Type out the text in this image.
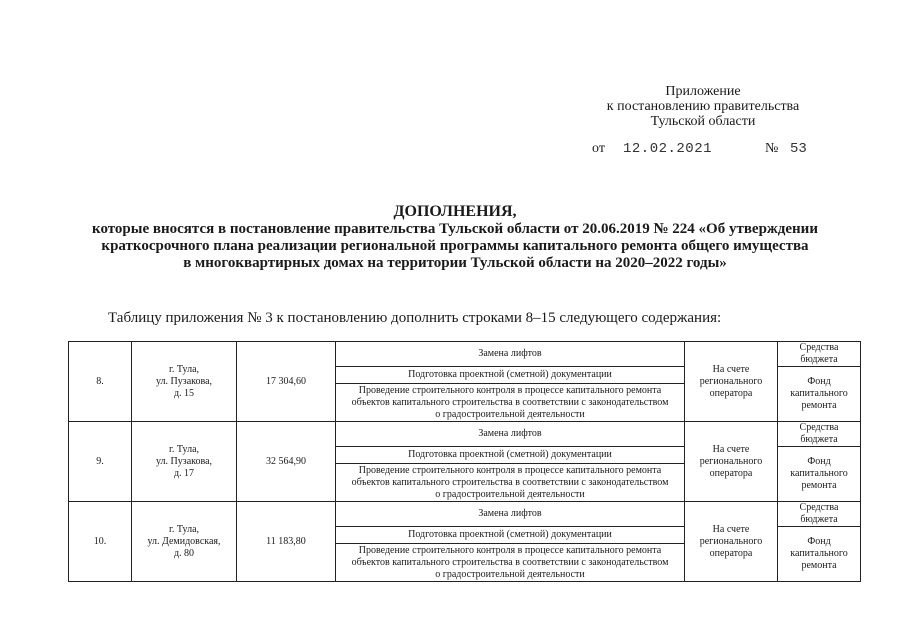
Приложение
к постановлению правительства
Тульской области
от 12.02.2021	№ 53
ДОПОЛНЕНИЯ,
которые вносятся в постановление правительства Тульской области от 20.06.2019 № 224 «Об утверждении
краткосрочного плана реализации региональной программы капитального ремонта общего имущества
в многоквартирных домах на территории Тульской области на 2020–2022 годы»
Таблицу приложения № 3 к постановлению дополнить строками 8–15 следующего содержания:
8.	г. Тула,
ул. Пузакова,
д. 15	17 304,60	Замена лифтов	На счете
регионального
оператора	Средства
бюджета

			Подготовка проектной (сметной) документации		Фонд
капитального
ремонта

			Проведение строительного контроля в процессе капитального ремонта
объектов капитального строительства в соответствии с законодательством
о градостроительной деятельности		

9.	г. Тула,
ул. Пузакова,
д. 17	32 564,90	Замена лифтов	На счете
регионального
оператора	Средства
бюджета

			Подготовка проектной (сметной) документации		Фонд
капитального
ремонта

			Проведение строительного контроля в процессе капитального ремонта
объектов капитального строительства в соответствии с законодательством
о градостроительной деятельности		

10.	г. Тула,
ул. Демидовская,
д. 80	11 183,80	Замена лифтов	На счете
регионального
оператора	Средства
бюджета

			Подготовка проектной (сметной) документации		Фонд
капитального
ремонта

			Проведение строительного контроля в процессе капитального ремонта
объектов капитального строительства в соответствии с законодательством
о градостроительной деятельности		
